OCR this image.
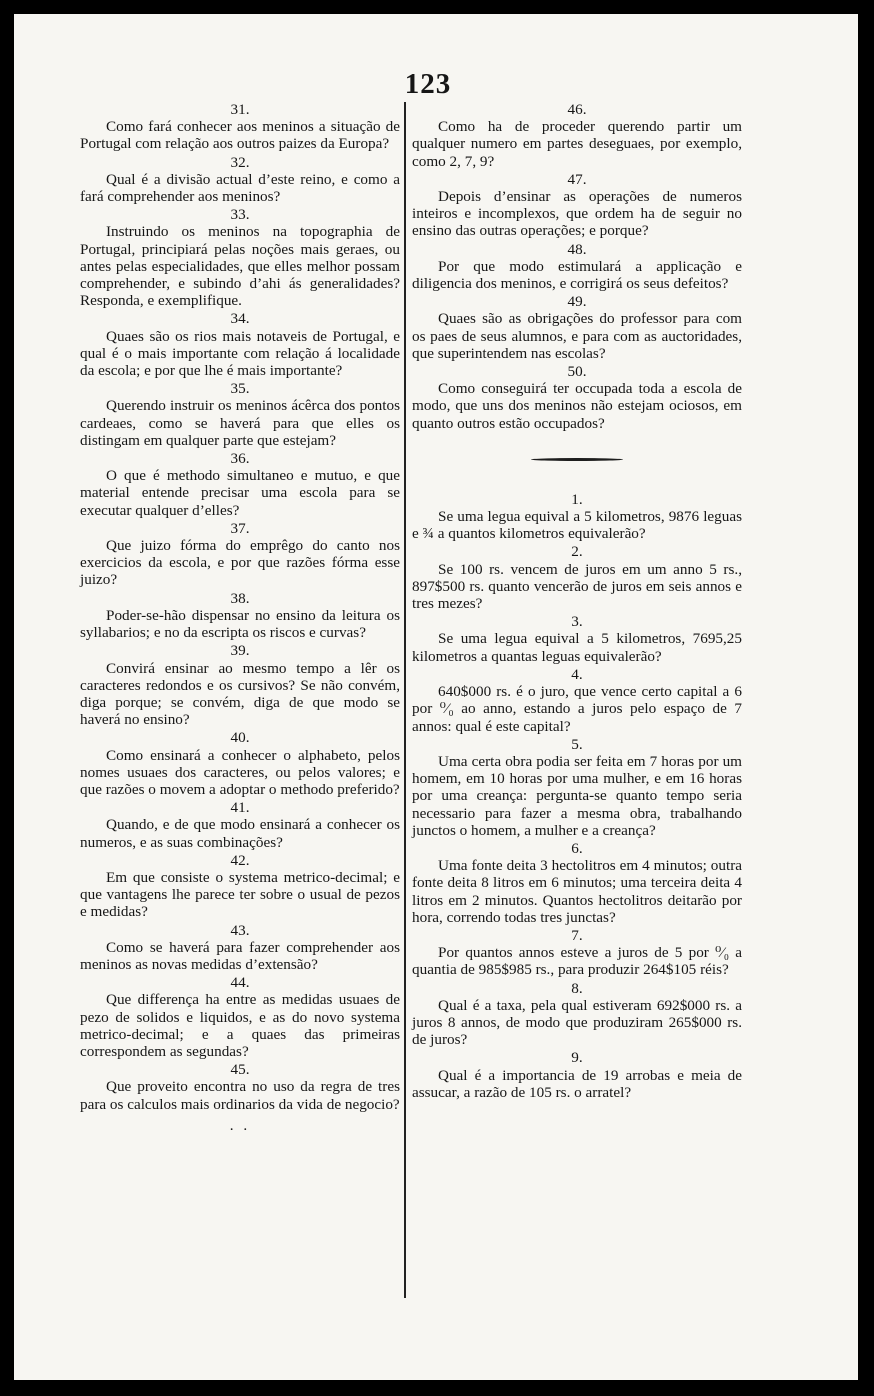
123
31.
Como fará conhecer aos meninos a situação de Portugal com relação aos outros paizes da Europa?
32.
Qual é a divisão actual d’este reino, e como a fará comprehender aos meninos?
33.
Instruindo os meninos na topographia de Portugal, principiará pelas noções mais geraes, ou antes pelas especialidades, que elles melhor possam comprehender, e subindo d’ahi ás generalidades? Responda, e exemplifique.
34.
Quaes são os rios mais notaveis de Portugal, e qual é o mais importante com relação á localidade da escola; e por que lhe é mais importante?
35.
Querendo instruir os meninos ácêrca dos pontos cardeaes, como se haverá para que elles os distingam em qualquer parte que estejam?
36.
O que é methodo simultaneo e mutuo, e que material entende precisar uma escola para se executar qualquer d’elles?
37.
Que juizo fórma do emprêgo do canto nos exercicios da escola, e por que razões fórma esse juizo?
38.
Poder-se-hão dispensar no ensino da leitura os syllabarios; e no da escripta os riscos e curvas?
39.
Convirá ensinar ao mesmo tempo a lêr os caracteres redondos e os cursivos? Se não convém, diga porque; se convém, diga de que modo se haverá no ensino?
40.
Como ensinará a conhecer o alphabeto, pelos nomes usuaes dos caracteres, ou pelos valores; e que razões o movem a adoptar o methodo preferido?
41.
Quando, e de que modo ensinará a conhecer os numeros, e as suas combinações?
42.
Em que consiste o systema metrico-decimal; e que vantagens lhe parece ter sobre o usual de pezos e medidas?
43.
Como se haverá para fazer comprehender aos meninos as novas medidas d’extensão?
44.
Que differença ha entre as medidas usuaes de pezo de solidos e liquidos, e as do novo systema metrico-decimal; e a quaes das primeiras correspondem as segundas?
45.
Que proveito encontra no uso da regra de tres para os calculos mais ordinarios da vida de negocio?
. .
46.
Como ha de proceder querendo partir um qualquer numero em partes deseguaes, por exemplo, como 2, 7, 9?
47.
Depois d’ensinar as operações de numeros inteiros e incomplexos, que ordem ha de seguir no ensino das outras operações; e porque?
48.
Por que modo estimulará a applicação e diligencia dos meninos, e corrigirá os seus defeitos?
49.
Quaes são as obrigações do professor para com os paes de seus alumnos, e para com as auctoridades, que superintendem nas escolas?
50.
Como conseguirá ter occupada toda a escola de modo, que uns dos meninos não estejam ociosos, em quanto outros estão occupados?
1.
Se uma legua equival a 5 kilometros, 9876 leguas e ¾ a quantos kilometros equivalerão?
2.
Se 100 rs. vencem de juros em um anno 5 rs., 897$500 rs. quanto vencerão de juros em seis annos e tres mezes?
3.
Se uma legua equival a 5 kilometros, 7695,25 kilometros a quantas leguas equivalerão?
4.
640$000 rs. é o juro, que vence certo capital a 6 por ⁰⁄₀ ao anno, estando a juros pelo espaço de 7 annos: qual é este capital?
5.
Uma certa obra podia ser feita em 7 horas por um homem, em 10 horas por uma mulher, e em 16 horas por uma creança: pergunta-se quanto tempo seria necessario para fazer a mesma obra, trabalhando junctos o homem, a mulher e a creança?
6.
Uma fonte deita 3 hectolitros em 4 minutos; outra fonte deita 8 litros em 6 minutos; uma terceira deita 4 litros em 2 minutos. Quantos hectolitros deitarão por hora, correndo todas tres junctas?
7.
Por quantos annos esteve a juros de 5 por ⁰⁄₀ a quantia de 985$985 rs., para produzir 264$105 réis?
8.
Qual é a taxa, pela qual estiveram 692$000 rs. a juros 8 annos, de modo que produziram 265$000 rs. de juros?
9.
Qual é a importancia de 19 arrobas e meia de assucar, a razão de 105 rs. o arratel?
